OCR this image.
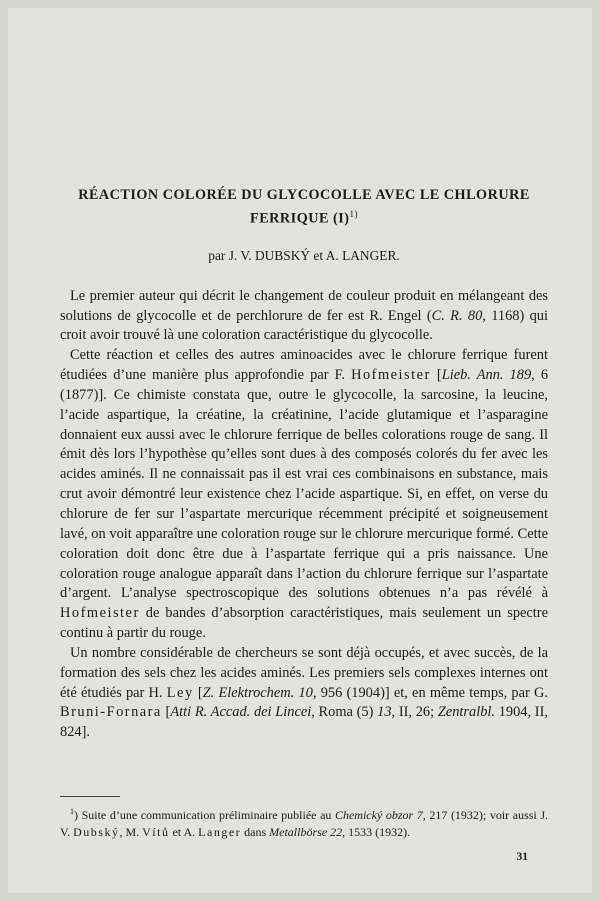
RÉACTION COLORÉE DU GLYCOCOLLE AVEC LE CHLORURE
FERRIQUE $(I)^{1)}$

par J. V. DUBSKÝ et A. LANGER.

Le premier auteur qui décrit le changement de couleur produit en mélangeant des solutions de glycocolle et de perchlorure de fer est R. Engel (C. R. 80, 1168) qui croit avoir trouvé là une coloration caractéristique du glycocolle.

Cette réaction et celles des autres aminoacides avec le chlorure ferrique furent étudiées d’une manière plus approfondie par F. Hofmeister [Lieb. Ann. 189, 6 (1877)]. Ce chimiste constata que, outre le glycocolle, la sarcosine, la leucine, l’acide aspartique, la créatine, la créatinine, l’acide glutamique et l’asparagine donnaient eux aussi avec le chlorure ferrique de belles colorations rouge de sang. Il émit dès lors l’hypothèse qu’elles sont dues à des composés colorés du fer avec les acides aminés. Il ne connaissait pas il est vrai ces combinaisons en substance, mais crut avoir démontré leur existence chez l’acide aspartique. Si, en effet, on verse du chlorure de fer sur l’aspartate mercurique récemment précipité et soigneusement lavé, on voit apparaître une coloration rouge sur le chlorure mercurique formé. Cette coloration doit donc être due à l’aspartate ferrique qui a pris naissance. Une coloration rouge analogue apparaît dans l’action du chlorure ferrique sur l’aspartate d’argent. L’analyse spectroscopique des solutions obtenues n’a pas révélé à Hofmeister de bandes d’absorption caractéristiques, mais seulement un spectre continu à partir du rouge.

Un nombre considérable de chercheurs se sont déjà occupés, et avec succès, de la formation des sels chez les acides aminés. Les premiers sels complexes internes ont été étudiés par H. Ley [Z. Elektrochem. 10, 956 (1904)] et, en même temps, par G. Bruni-Fornara [Atti R. Accad. dei Lincei, Roma (5) 13, II, 26; Zentralbl. 1904, II, 824].

$^1$) Suite d’une communication préliminaire publiée au Chemický obzor 7, 217 (1932); voir aussi J. V. Dubský, M. Vítů et A. Langer dans Metallbörse 22, 1533 (1932).

31
